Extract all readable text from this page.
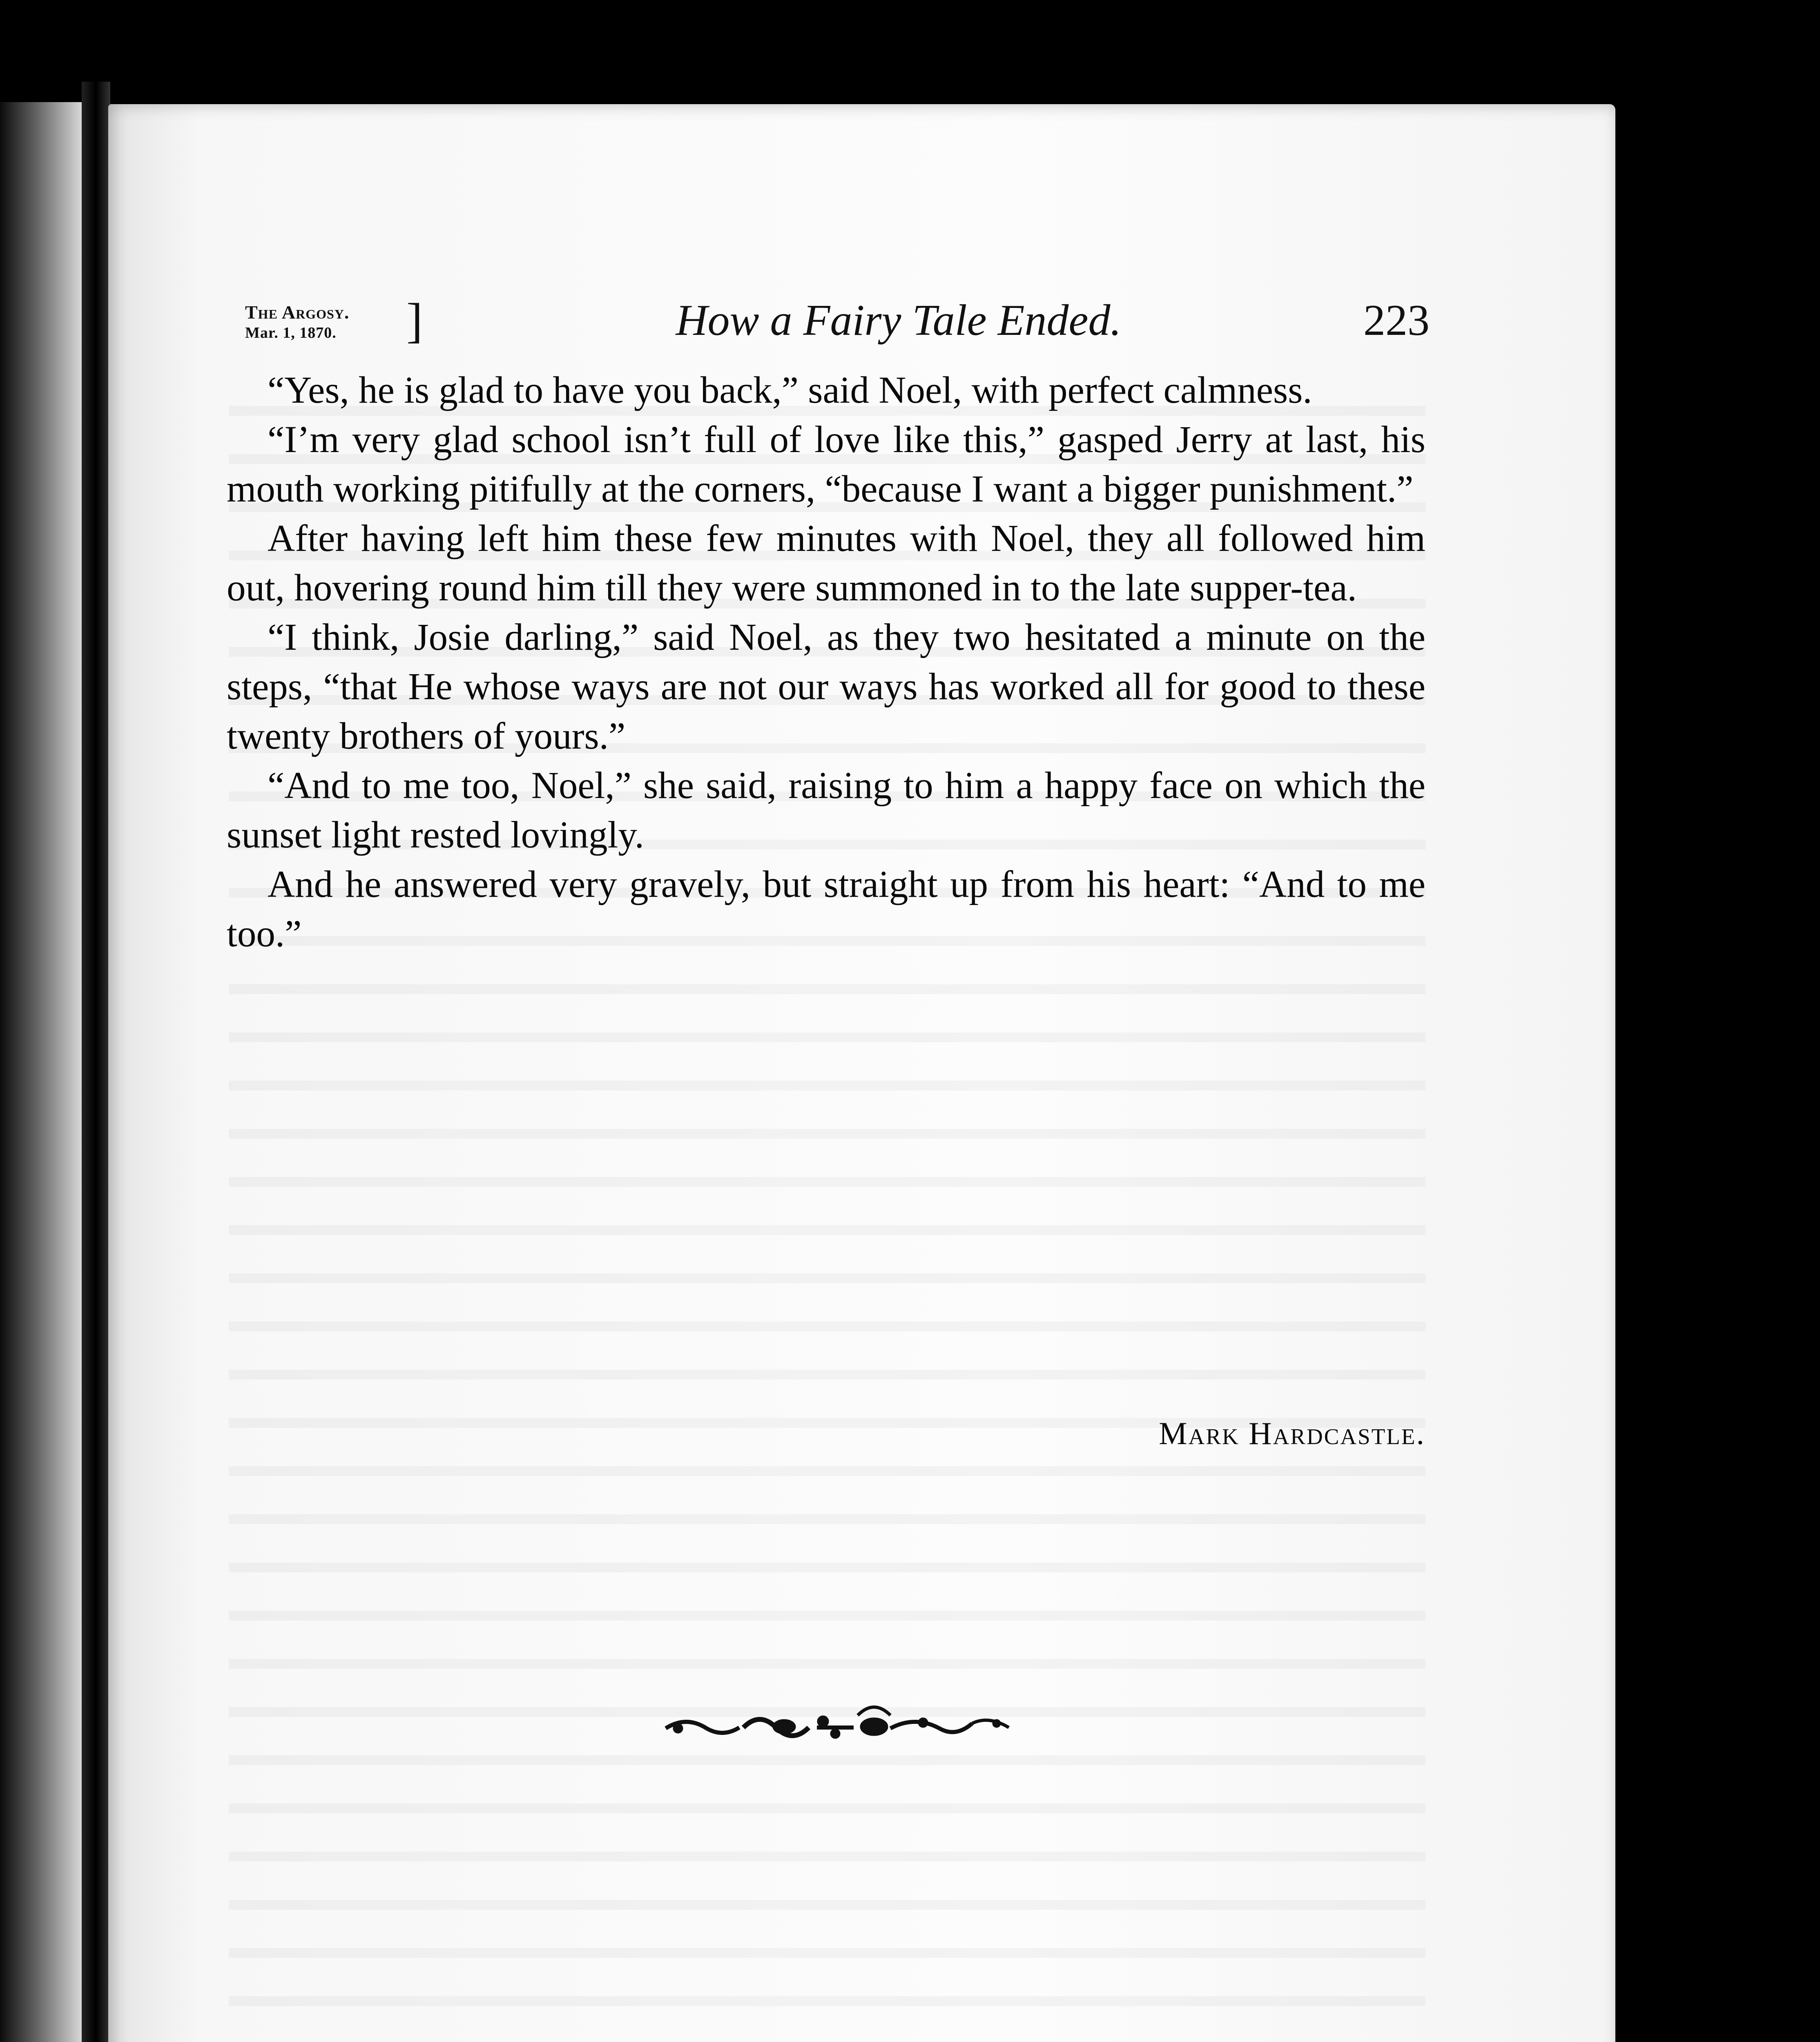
The Argosy.
Mar. 1, 1870.	]	How a Fairy Tale Ended.	223

“Yes, he is glad to have you back,” said Noel, with perfect calmness.

“I’m very glad school isn’t full of love like this,” gasped Jerry at last, his mouth working pitifully at the corners, “because I want a bigger punishment.”

After having left him these few minutes with Noel, they all followed him out, hovering round him till they were summoned in to the late supper-tea.

“I think, Josie darling,” said Noel, as they two hesitated a minute on the steps, “that He whose ways are not our ways has worked all for good to these twenty brothers of yours.”

“And to me too, Noel,” she said, raising to him a happy face on which the sunset light rested lovingly.

And he answered very gravely, but straight up from his heart: “And to me too.”

Mark Hardcastle.
